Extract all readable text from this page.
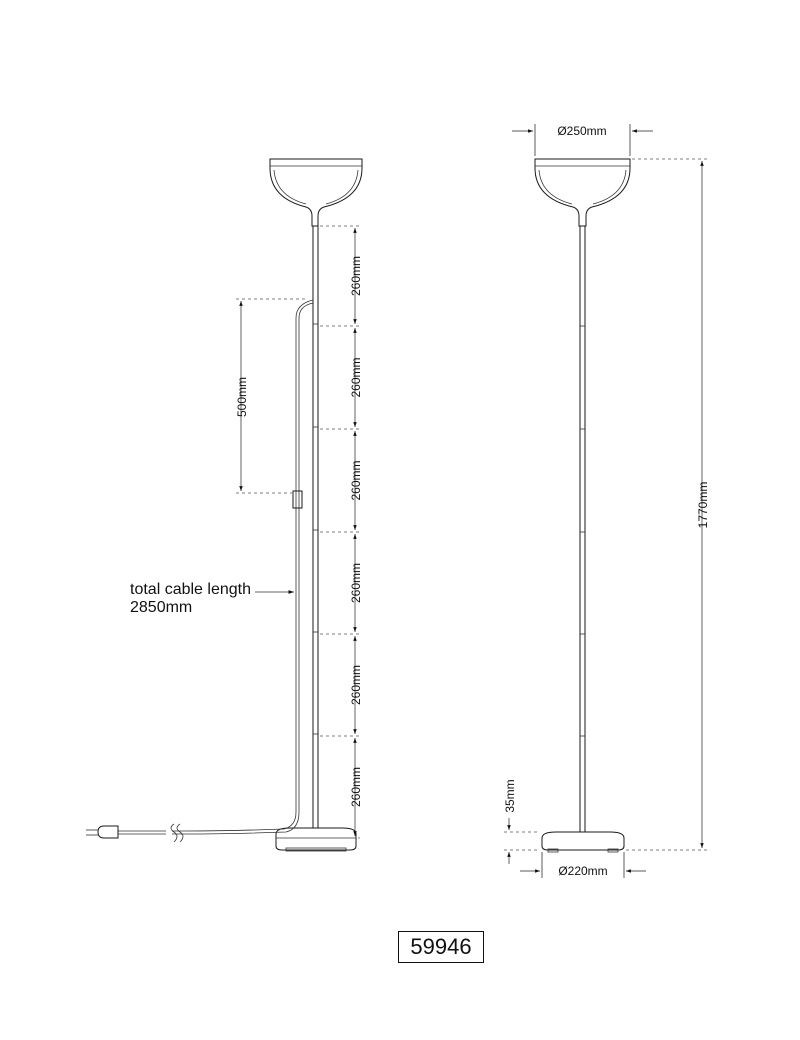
260mm
260mm
260mm
260mm
260mm
260mm
500mm
total cable length
2850mm
Ø250mm
1770mm
35mm
Ø220mm
59946
